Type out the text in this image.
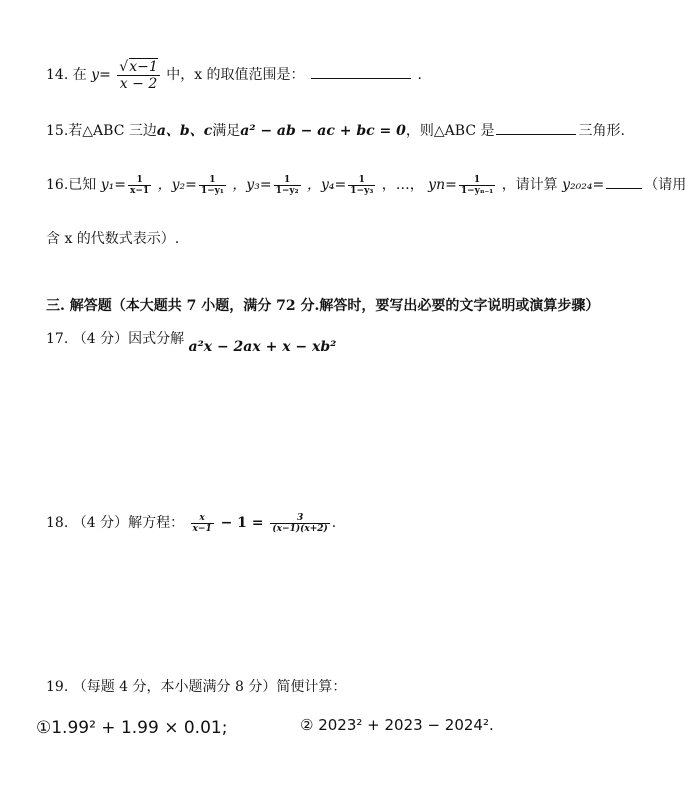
14. 在 $y= \frac{√x-1}{x - 2}$ 中，x 的取值范围是：	.
15.若△ABC 三边a、b、c满足a² − ab − ac + bc = 0，则△ABC 是	三角形.
16.已知 $y_1= \frac{1}{x-1}$ ，$y_2= \frac{1}{\text{1−y₁}}$ ，$y_3= \frac{1}{\text{1−y₂}}$ ，$y_4= \frac{1}{\text{1−y₃}}$ ，…， $yn= \frac{1}{\text{1−yₙ₋₁}}$ ，请计算 y₂₀₂₄=	（请用
含 x 的代数式表示）.
三. 解答题（本大题共 7 小题，满分 72 分.解答时，要写出必要的文字说明或演算步骤）
17. （4 分）因式分解 a²x − 2ax + x − xb²
18. （4 分）解方程： $\frac{x}{x-1} - 1 = \frac{3}{(x-1)(x+2)}$ .
19. （每题 4 分，本小题满分 8 分）简便计算：
①1.99² + 1.99 × 0.01;	② 2023² + 2023 − 2024².
